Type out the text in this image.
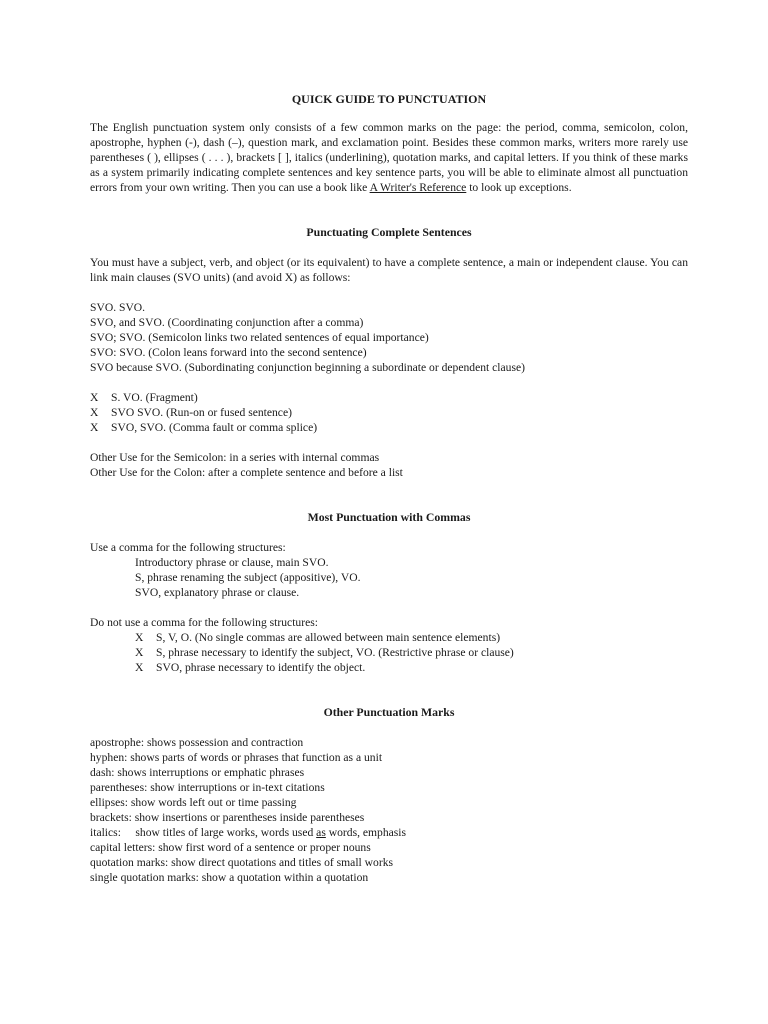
QUICK GUIDE TO PUNCTUATION

The English punctuation system only consists of a few common marks on the page: the period, comma, semicolon, colon, apostrophe, hyphen (-), dash (–), question mark, and exclamation point. Besides these common marks, writers more rarely use parentheses ( ), ellipses ( . . . ), brackets [ ], italics (underlining), quotation marks, and capital letters. If you think of these marks as a system primarily indicating complete sentences and key sentence parts, you will be able to eliminate almost all punctuation errors from your own writing. Then you can use a book like A Writer's Reference to look up exceptions.

Punctuating Complete Sentences

You must have a subject, verb, and object (or its equivalent) to have a complete sentence, a main or independent clause. You can link main clauses (SVO units) (and avoid X) as follows:

SVO. SVO.
SVO, and SVO. (Coordinating conjunction after a comma)
SVO; SVO. (Semicolon links two related sentences of equal importance)
SVO: SVO. (Colon leans forward into the second sentence)
SVO because SVO. (Subordinating conjunction beginning a subordinate or dependent clause)
X S. VO. (Fragment)
X SVO SVO. (Run-on or fused sentence)
X SVO, SVO. (Comma fault or comma splice)
Other Use for the Semicolon: in a series with internal commas
Other Use for the Colon: after a complete sentence and before a list
Most Punctuation with Commas
Use a comma for the following structures:
Introductory phrase or clause, main SVO.
S, phrase renaming the subject (appositive), VO.
SVO, explanatory phrase or clause.
Do not use a comma for the following structures:
X S, V, O. (No single commas are allowed between main sentence elements)
X S, phrase necessary to identify the subject, VO. (Restrictive phrase or clause)
X SVO, phrase necessary to identify the object.
Other Punctuation Marks
apostrophe: shows possession and contraction
hyphen: shows parts of words or phrases that function as a unit
dash: shows interruptions or emphatic phrases
parentheses: show interruptions or in-text citations
ellipses: show words left out or time passing
brackets: show insertions or parentheses inside parentheses
italics:     show titles of large works, words used as words, emphasis
capital letters: show first word of a sentence or proper nouns
quotation marks: show direct quotations and titles of small works
single quotation marks: show a quotation within a quotation
